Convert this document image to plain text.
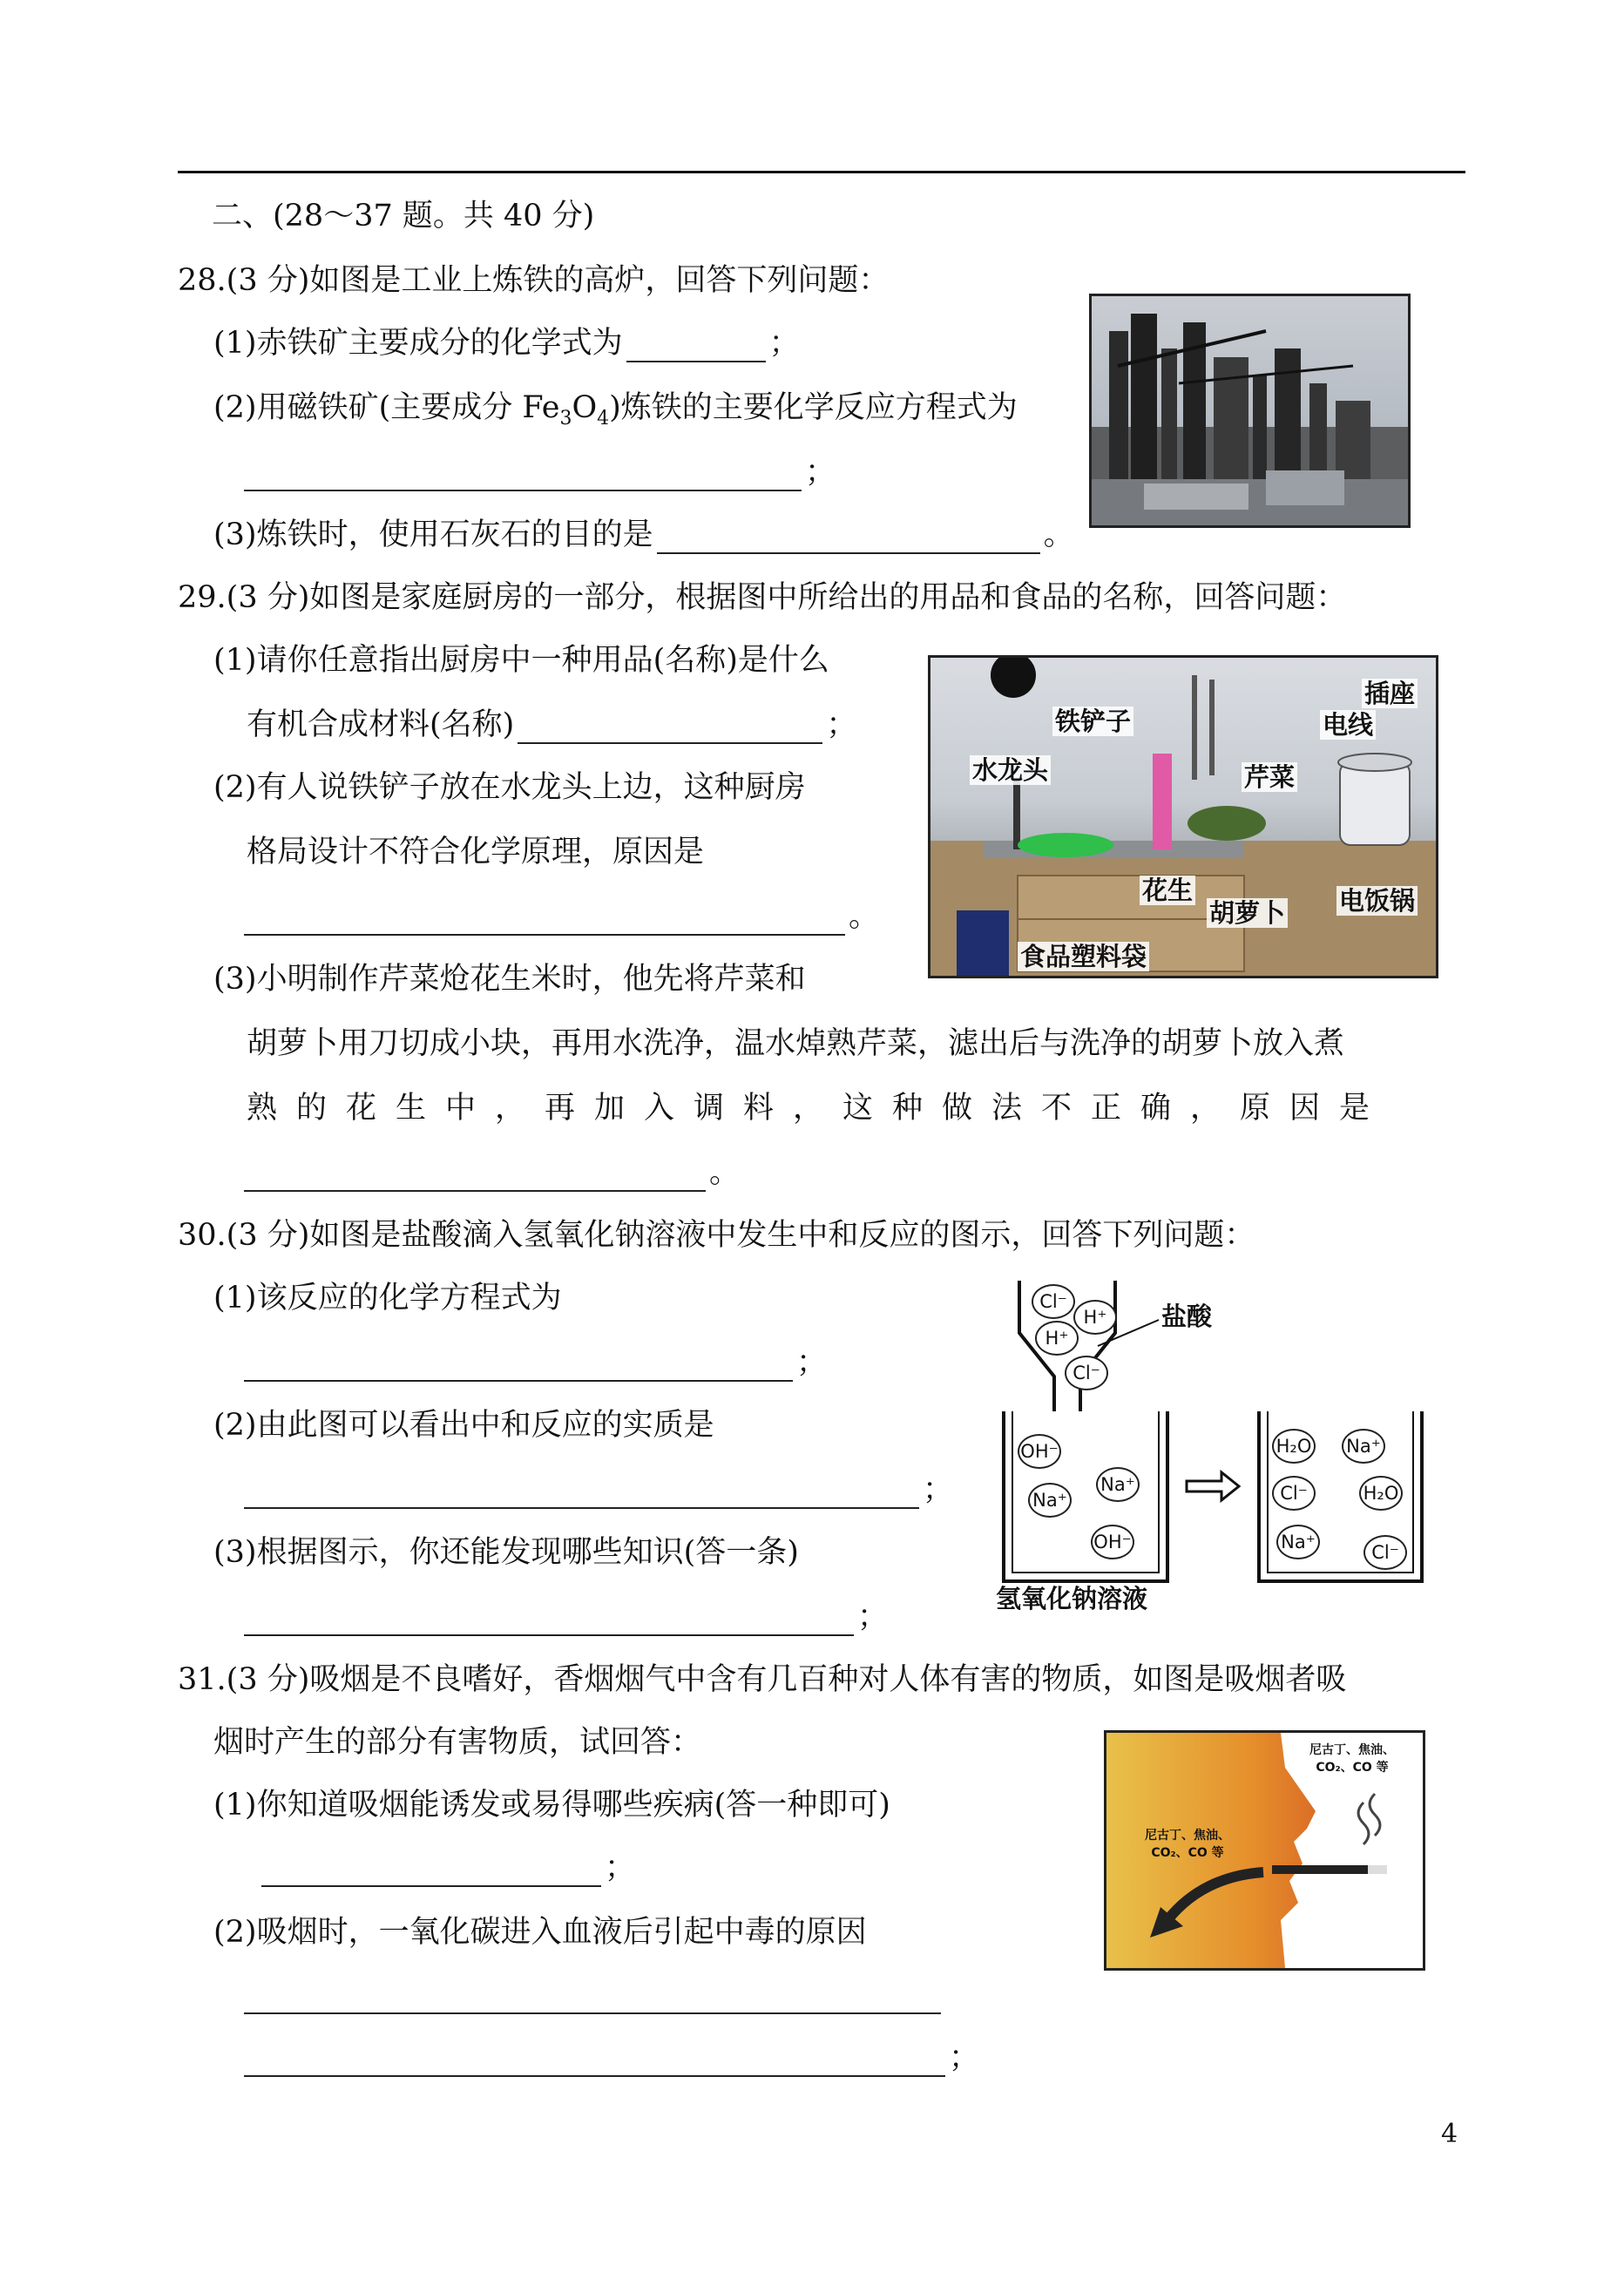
二、(28～37 题。共 40 分)
28.(3 分)如图是工业上炼铁的高炉，回答下列问题：
(1)赤铁矿主要成分的化学式为	；
(2)用磁铁矿(主要成分 $Fe_3O_4$)炼铁的主要化学反应方程式为
；
(3)炼铁时，使用石灰石的目的是	。
29.(3 分)如图是家庭厨房的一部分，根据图中所给出的用品和食品的名称，回答问题：
(1)请你任意指出厨房中一种用品(名称)是什么
有机合成材料(名称)	；
(2)有人说铁铲子放在水龙头上边，这种厨房
格局设计不符合化学原理，原因是
。
(3)小明制作芹菜炝花生米时，他先将芹菜和
胡萝卜用刀切成小块，再用水洗净，温水焯熟芹菜，滤出后与洗净的胡萝卜放入煮
熟的花生中，再加入调料，这种做法不正确，原因是
。
插座
电线
铁铲子
水龙头	芹菜
花生
胡萝卜 电饭锅
食品塑料袋
30.(3 分)如图是盐酸滴入氢氧化钠溶液中发生中和反应的图示，回答下列问题：
(1)该反应的化学方程式为
；
(2)由此图可以看出中和反应的实质是
；
(3)根据图示，你还能发现哪些知识(答一条)
；
盐酸
氢氧化钠溶液
Cl⁻
H⁺
H⁺
Cl⁻
OH⁻
Na⁺
Na⁺
OH⁻
H₂O Na⁺
Cl⁻	H₂O
Na⁺	Cl⁻
31.(3 分)吸烟是不良嗜好，香烟烟气中含有几百种对人体有害的物质，如图是吸烟者吸
烟时产生的部分有害物质，试回答：
(1)你知道吸烟能诱发或易得哪些疾病(答一种即可)
；
(2)吸烟时，一氧化碳进入血液后引起中毒的原因
；
尼古丁、焦油、
CO₂、CO 等
尼古丁、焦油、
CO₂、CO 等
4
